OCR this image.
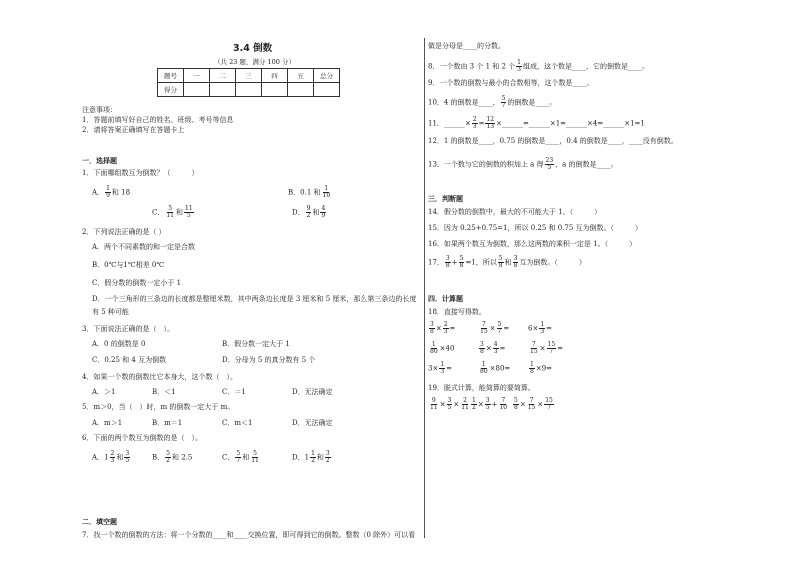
3.4 倒数
（共 23 题，满分 100 分）
题号	一	二	三	四	五	总分
得分						
注意事项：
1．答题前填写好自己的姓名、班级、考号等信息
2．请将答案正确填写在答题卡上
一．选择题
1．下面哪组数互为倒数？（　　　）
A． $\frac{1}{9}$ 和 18	B．0.1 和 $\frac{1}{10}$
C． $\frac{5}{11}$ 和 $\frac{11}{5}$	D． $\frac{9}{2}$ 和 $\frac{4}{9}$
2．下列说法正确的是（ ）
A．两个不同素数的和一定是合数
B．0℃与1℃相差 0℃
C．假分数的倒数一定小于 1
D．一个三角形的三条边的长度都是整厘米数，其中两条边长度是 3 厘米和 5 厘米，那么第三条边的长度
有 5 种可能
3．下面说法正确的是（　）。
A．0 的倒数是 0	B．假分数一定大于 1
C．0.25 和 4 互为倒数	D．分母为 5 的真分数有 5 个
4．如果一个数的倒数比它本身大，这个数（　）。
A．＞1	B．＜1	C．＝1	D．无法确定
5．m＞0，当（　）时，m 的倒数一定大于 m。
A．m＞1	B．m＝1	C．m＜1	D．无法确定
6．下面的两个数互为倒数的是（　）。
A．$1 \frac{2}{3}$ 和 $\frac{3}{5}$	B． $\frac{5}{2}$ 和 2.5	C． $\frac{5}{7}$ 和 $\frac{5}{11}$	D．$1 \frac{1}{2}$ 和 $\frac{3}{2}$
二．填空题
7．找一个数的倒数的方法：将一个分数的____和____交换位置，即可得到它的倒数。整数（0 除外）可以看
做是分母是____的分数。
8．一个数由 3 个 1 和 2 个 $\frac{1}{3}$ 组成，这个数是____，它的倒数是____。
9．一个数的倒数与最小的合数相等，这个数是____。
10．4 的倒数是____， $\frac{5}{7}$ 的倒数是____。
11．______× $\frac{2}{3} = \frac{12}{13}$ ×______=______×1=______×4=______×1=1
12．1 的倒数是____，0.75 的倒数是____，0.4 的倒数是____，____没有倒数。
13．一个数与它的倒数的积加上 a 得 $\frac{23}{5}$ ，a 的倒数是____。
三．判断题
14．假分数的倒数中，最大的不可能大于 1。（　　　）
15．因为 0.25+0.75=1，所以 0.25 和 0.75 互为倒数。（　　　）
16．如果两个数互为倒数，那么这两数的乘积一定是 1。（　　　）
17． $\frac{3}{8} + \frac{5}{8} =1$，所以 $\frac{5}{8}$ 和 $\frac{3}{8}$ 互为倒数。（　　　）
四．计算题
18．直接写得数。
$\frac{3}{8} \times \frac{2}{3}$ =	$\frac{7}{15} \times \frac{5}{7}$ =	$6\times \frac{1}{3}$ =
$\frac{1}{80} \times 40$	$\frac{3}{8} \times \frac{4}{3}$ =	$\frac{7}{15} \times \frac{15}{7}$ =
$3\times \frac{1}{3}$ =	$\frac{1}{80} \times 80=$	$\frac{1}{8} \times 9=$
19．脱式计算，能简算的要简算。
$\frac{9}{11} \times \frac{3}{5} \times \frac{2}{11} \frac{1}{2} \times \frac{3}{5} + \frac{7}{10} \frac{5}{8} \times \frac{7}{15} \times \frac{15}{7}$
